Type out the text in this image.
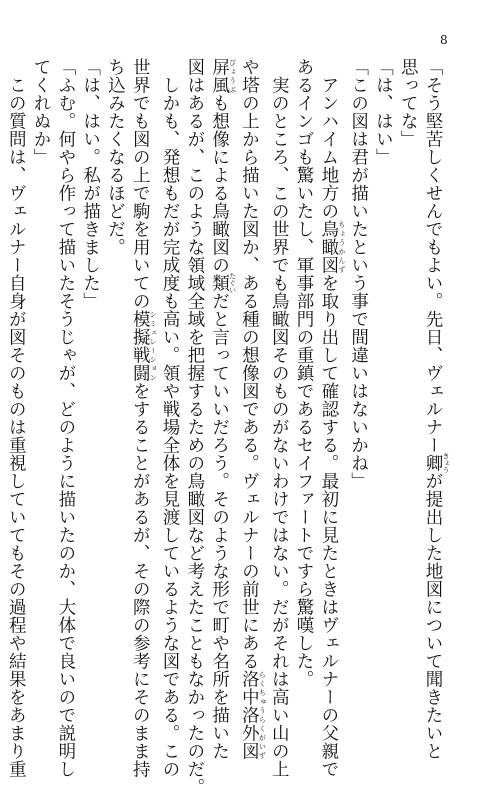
8
「そう堅苦しくせんでもよい。先日、ヴェルナー卿 きょうが提出した地図について聞きたいと
思ってな」
「は、はい」
「この図は君が描いたという事で間違いはないかね」
　アンハイム地方の鳥瞰図 ちょうかんずを取り出して確認する。最初に見たときはヴェルナーの父親で
あるインゴも驚いたし、軍事部門の重鎮であるセイファートですら驚嘆した。
　実のところ、この世界でも鳥瞰図そのものがないわけではない。だがそれは高い山の上
や塔の上から描いた図か、ある種の想像図である。ヴェルナーの前世にある洛中洛外図 らくちゅうらくがいず
屏風 びょうぶも想像による鳥瞰図の類 たぐいだと言っていいだろう。そのような形で町や名所を描いた
図はあるが、このような領域全域を把握するための鳥瞰図など考えたこともなかったのだ。
　しかも、発想もだが完成度も高い。領や戦場全体を見渡しているような図である。この
世界でも図の上で駒を用いての模擬戦闘 シミュレーションをすることがあるが、その際の参考にそのまま持
ち込みたくなるほどだ。
「は、はい。私が描きました」
「ふむ。何やら作って描いたそうじゃが、どのように描いたのか、大体で良いので説明し
てくれぬか」
　この質問は、ヴェルナー自身が図そのものは重視していてもその過程や結果をあまり重
